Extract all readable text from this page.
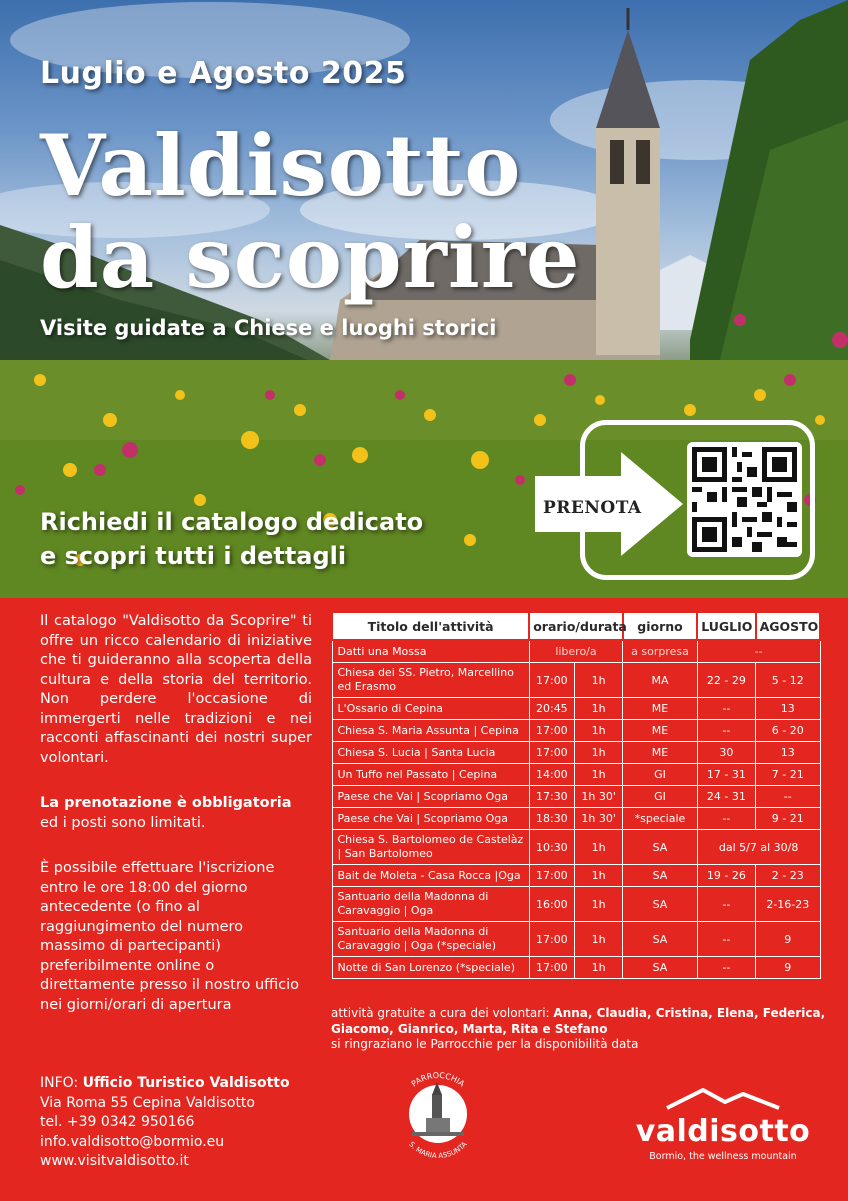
Luglio e Agosto 2025
Valdisotto
da scoprire
Visite guidate a Chiese e luoghi storici
Richiedi il catalogo dedicato
e scopri tutti i dettagli
PRENOTA

Il catalogo "Valdisotto da Scoprire" ti offre un ricco calendario di iniziative che ti guideranno alla scoperta della cultura e della storia del territorio. Non perdere l'occasione di immergerti nelle tradizioni e nei racconti affascinanti dei nostri super volontari.

La prenotazione è obbligatoria
ed i posti sono limitati.

È possibile effettuare l'iscrizione entro le ore 18:00 del giorno antecedente (o fino al raggiungimento del numero massimo di partecipanti) preferibilmente online o direttamente presso il nostro ufficio nei giorni/orari di apertura

Titolo dell'attività	orario/durata		giorno	LUGLIO	AGOSTO
Datti una Mossa	libero/a		a sorpresa	--	
Chiesa dei SS. Pietro, Marcellino ed Erasmo	17:00	1h	MA	22 - 29	5 - 12
L'Ossario di Cepina	20:45	1h	ME	--	13
Chiesa S. Maria Assunta | Cepina	17:00	1h	ME	--	6 - 20
Chiesa S. Lucia | Santa Lucia	17:00	1h	ME	30	13
Un Tuffo nel Passato | Cepina	14:00	1h	GI	17 - 31	7 - 21
Paese che Vai | Scopriamo Oga	17:30	1h 30'	GI	24 - 31	--
Paese che Vai | Scopriamo Oga	18:30	1h 30'	*speciale	--	9 - 21
Chiesa S. Bartolomeo de Castelàz | San Bartolomeo	10:30	1h	SA	dal 5/7 al 30/8	
Bait de Moleta - Casa Rocca |Oga	17:00	1h	SA	19 - 26	2 - 23
Santuario della Madonna di Caravaggio | Oga	16:00	1h	SA	--	2-16-23
Santuario della Madonna di Caravaggio | Oga (*speciale)	17:00	1h	SA	--	9
Notte di San Lorenzo (*speciale)	17:00	1h	SA	--	9
attività gratuite a cura dei volontari: Anna, Claudia, Cristina, Elena, Federica, Giacomo, Gianrico, Marta, Rita e Stefano
si ringraziano le Parrocchie per la disponibilità data
INFO: Ufficio Turistico Valdisotto
Via Roma 55 Cepina Valdisotto
tel. +39 0342 950166
info.valdisotto@bormio.eu
www.visitvaldisotto.it
PARROCCHIA
S. MARIA ASSUNTA	valdisotto
Bormio, the wellness mountain
